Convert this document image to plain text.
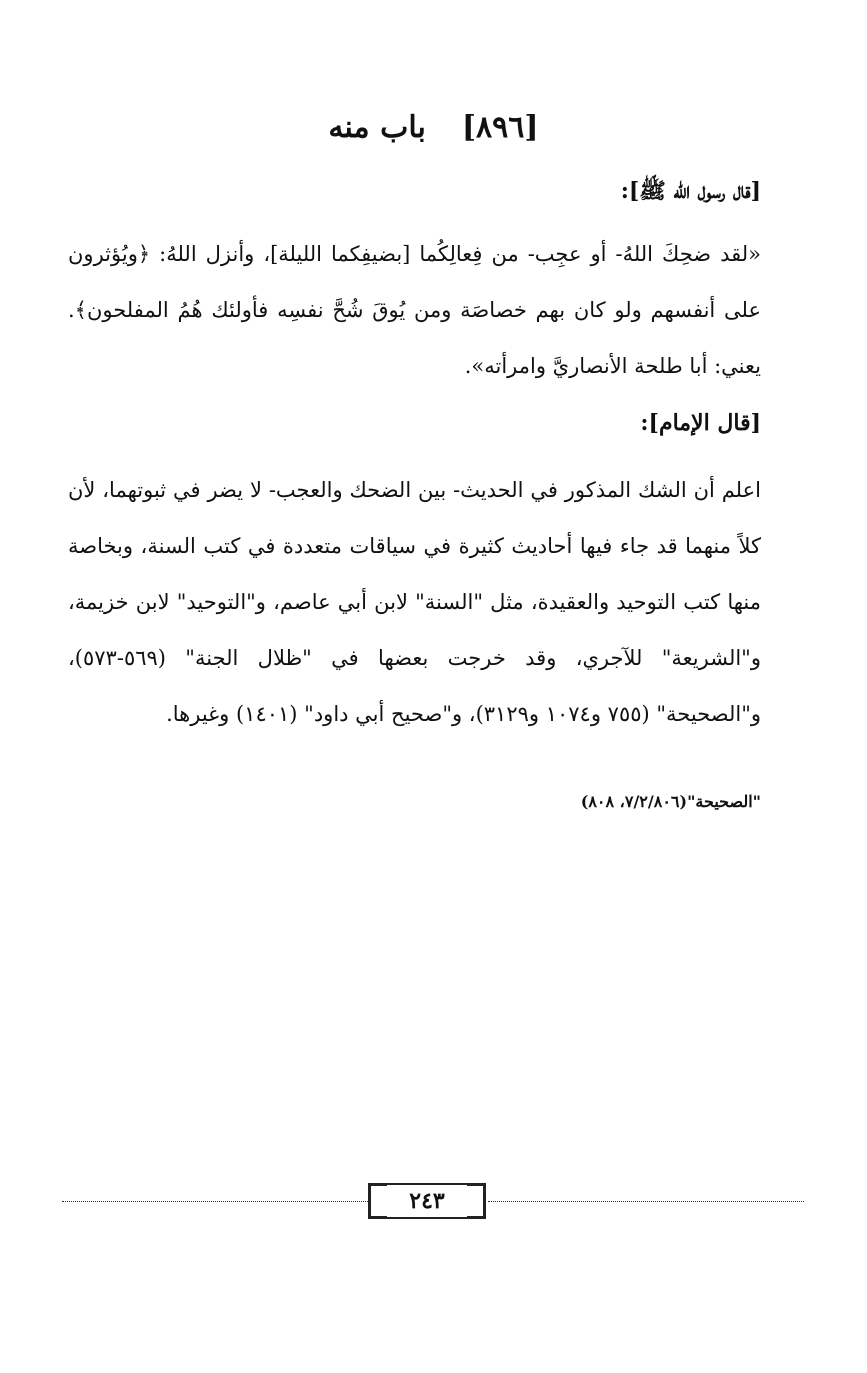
[٨٩٦]باب منه
[قال رسول الله ﷺ]:
«لقد ضحِكَ اللهُ- أو عجِب- من فِعالِكُما [بضيفِكما الليلة]، وأنزل اللهُ: ﴿ويُؤثرون على أنفسهم ولو كان بهم خصاصَة ومن يُوقَ شُحَّ نفسِه فأولئك هُمُ المفلحون﴾. يعني: أبا طلحة الأنصاريَّ وامرأته».
[قال الإمام]:
اعلم أن الشك المذكور في الحديث- بين الضحك والعجب- لا يضر في ثبوتهما، لأن كلاً منهما قد جاء فيها أحاديث كثيرة في سياقات متعددة في كتب السنة، وبخاصة منها كتب التوحيد والعقيدة، مثل "السنة" لابن أبي عاصم، و"التوحيد" لابن خزيمة، و"الشريعة" للآجري، وقد خرجت بعضها في "ظلال الجنة" (٥٦٩-٥٧٣)، و"الصحيحة" (٧٥٥ و١٠٧٤ و٣١٢٩)، و"صحيح أبي داود" (١٤٠١) وغيرها.
"الصحيحة"(٧/٢/٨٠٦، ٨٠٨)
٢٤٣
